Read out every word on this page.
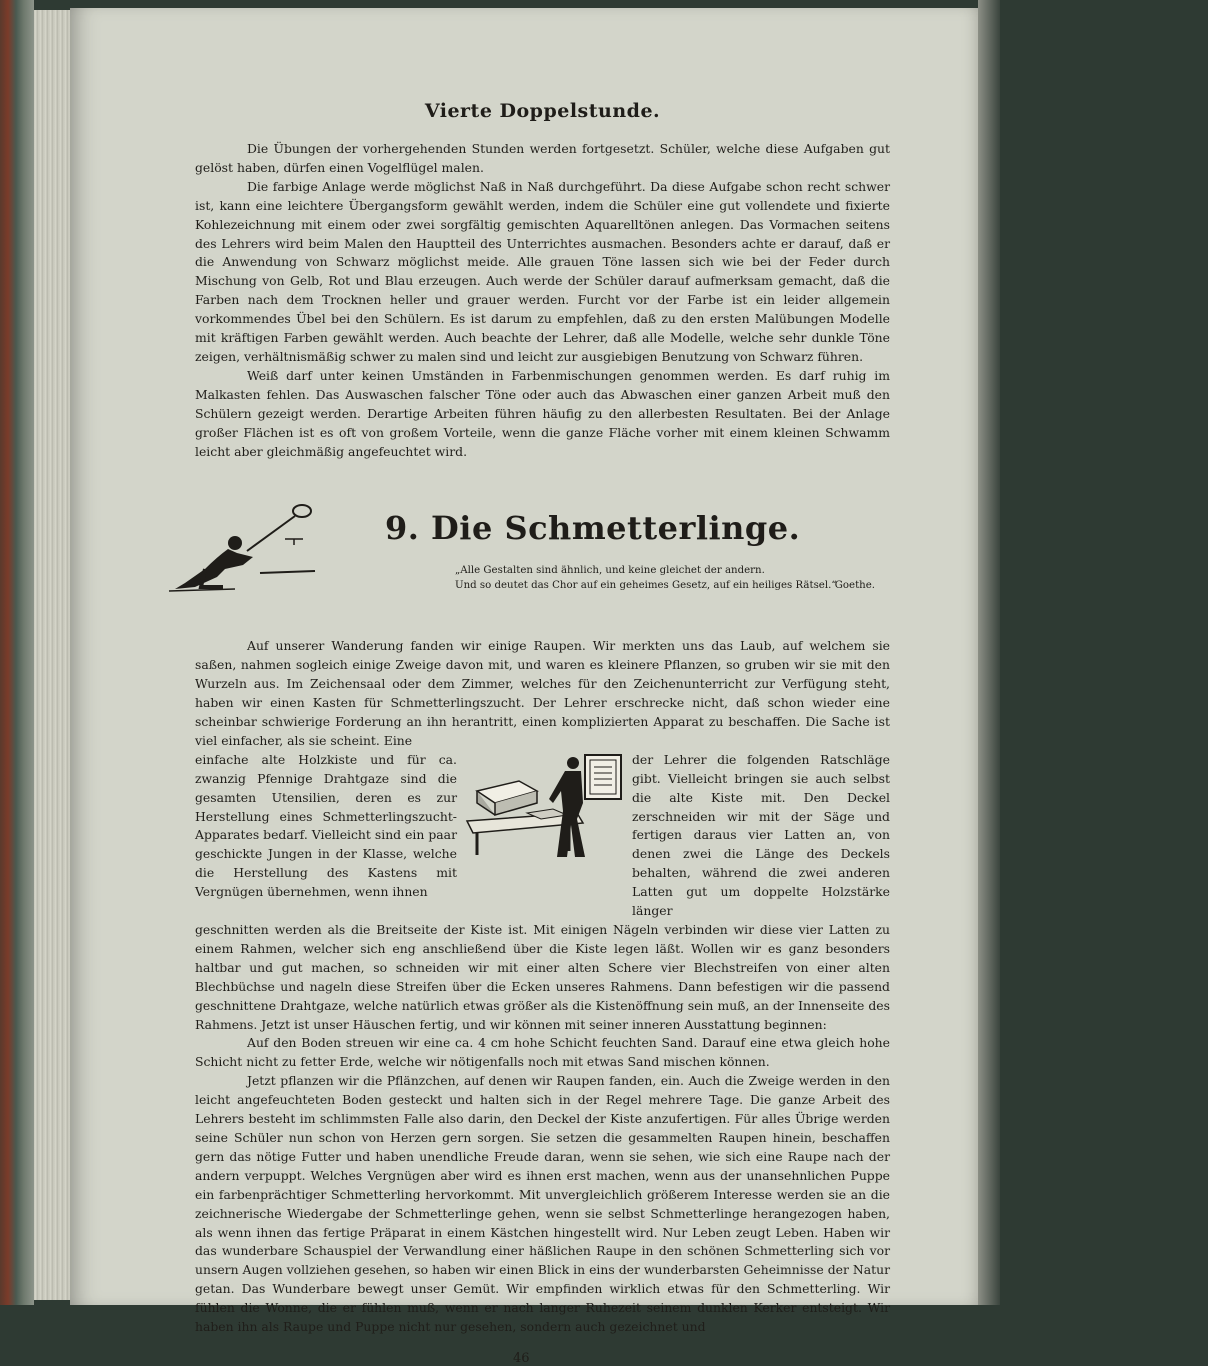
Vierte Doppelstunde.

Die Übungen der vorhergehenden Stunden werden fortgesetzt. Schüler, welche diese Aufgaben gut gelöst haben, dürfen einen Vogelflügel malen.

Die farbige Anlage werde möglichst Naß in Naß durchgeführt. Da diese Aufgabe schon recht schwer ist, kann eine leichtere Übergangsform gewählt werden, indem die Schüler eine gut vollendete und fixierte Kohlezeichnung mit einem oder zwei sorgfältig gemischten Aquarelltönen anlegen. Das Vormachen seitens des Lehrers wird beim Malen den Hauptteil des Unterrichtes ausmachen. Besonders achte er darauf, daß er die Anwendung von Schwarz möglichst meide. Alle grauen Töne lassen sich wie bei der Feder durch Mischung von Gelb, Rot und Blau erzeugen. Auch werde der Schüler darauf aufmerksam gemacht, daß die Farben nach dem Trocknen heller und grauer werden. Furcht vor der Farbe ist ein leider allgemein vorkommendes Übel bei den Schülern. Es ist darum zu empfehlen, daß zu den ersten Malübungen Modelle mit kräftigen Farben gewählt werden. Auch beachte der Lehrer, daß alle Modelle, welche sehr dunkle Töne zeigen, verhältnismäßig schwer zu malen sind und leicht zur ausgiebigen Benutzung von Schwarz führen.

Weiß darf unter keinen Umständen in Farbenmischungen genommen werden. Es darf ruhig im Malkasten fehlen. Das Auswaschen falscher Töne oder auch das Abwaschen einer ganzen Arbeit muß den Schülern gezeigt werden. Derartige Arbeiten führen häufig zu den allerbesten Resultaten. Bei der Anlage großer Flächen ist es oft von großem Vorteile, wenn die ganze Fläche vorher mit einem kleinen Schwamm leicht aber gleichmäßig angefeuchtet wird.

9. Die Schmetterlinge.
„Alle Gestalten sind ähnlich, und keine gleichet der andern.
Und so deutet das Chor auf ein geheimes Gesetz, auf ein heiliges Rätsel.“
Goethe.

Auf unserer Wanderung fanden wir einige Raupen. Wir merkten uns das Laub, auf welchem sie saßen, nahmen sogleich einige Zweige davon mit, und waren es kleinere Pflanzen, so gruben wir sie mit den Wurzeln aus. Im Zeichensaal oder dem Zimmer, welches für den Zeichenunterricht zur Verfügung steht, haben wir einen Kasten für Schmetterlingszucht. Der Lehrer erschrecke nicht, daß schon wieder eine scheinbar schwierige Forderung an ihn herantritt, einen komplizierten Apparat zu beschaffen. Die Sache ist viel einfacher, als sie scheint. Eine

einfache alte Holzkiste und für ca. zwanzig Pfennige Drahtgaze sind die gesamten Utensilien, deren es zur Herstellung eines Schmetterlingszucht-Apparates bedarf. Vielleicht sind ein paar geschickte Jungen in der Klasse, welche die Herstellung des Kastens mit Vergnügen übernehmen, wenn ihnen

der Lehrer die folgenden Ratschläge gibt. Vielleicht bringen sie auch selbst die alte Kiste mit. Den Deckel zerschneiden wir mit der Säge und fertigen daraus vier Latten an, von denen zwei die Länge des Deckels behalten, während die zwei anderen Latten gut um doppelte Holzstärke länger

geschnitten werden als die Breitseite der Kiste ist. Mit einigen Nägeln verbinden wir diese vier Latten zu einem Rahmen, welcher sich eng anschließend über die Kiste legen läßt. Wollen wir es ganz besonders haltbar und gut machen, so schneiden wir mit einer alten Schere vier Blechstreifen von einer alten Blechbüchse und nageln diese Streifen über die Ecken unseres Rahmens. Dann befestigen wir die passend geschnittene Drahtgaze, welche natürlich etwas größer als die Kistenöffnung sein muß, an der Innenseite des Rahmens. Jetzt ist unser Häuschen fertig, und wir können mit seiner inneren Ausstattung beginnen:

Auf den Boden streuen wir eine ca. 4 cm hohe Schicht feuchten Sand. Darauf eine etwa gleich hohe Schicht nicht zu fetter Erde, welche wir nötigenfalls noch mit etwas Sand mischen können.

Jetzt pflanzen wir die Pflänzchen, auf denen wir Raupen fanden, ein. Auch die Zweige werden in den leicht angefeuchteten Boden gesteckt und halten sich in der Regel mehrere Tage. Die ganze Arbeit des Lehrers besteht im schlimmsten Falle also darin, den Deckel der Kiste anzufertigen. Für alles Übrige werden seine Schüler nun schon von Herzen gern sorgen. Sie setzen die gesammelten Raupen hinein, beschaffen gern das nötige Futter und haben unendliche Freude daran, wenn sie sehen, wie sich eine Raupe nach der andern verpuppt. Welches Vergnügen aber wird es ihnen erst machen, wenn aus der unansehnlichen Puppe ein farbenprächtiger Schmetterling hervorkommt. Mit unvergleichlich größerem Interesse werden sie an die zeichnerische Wiedergabe der Schmetterlinge gehen, wenn sie selbst Schmetterlinge herangezogen haben, als wenn ihnen das fertige Präparat in einem Kästchen hingestellt wird. Nur Leben zeugt Leben. Haben wir das wunderbare Schauspiel der Verwandlung einer häßlichen Raupe in den schönen Schmetterling sich vor unsern Augen vollziehen gesehen, so haben wir einen Blick in eins der wunderbarsten Geheimnisse der Natur getan. Das Wunderbare bewegt unser Gemüt. Wir empfinden wirklich etwas für den Schmetterling. Wir fühlen die Wonne, die er fühlen muß, wenn er nach langer Ruhezeit seinem dunklen Kerker entsteigt. Wir haben ihn als Raupe und Puppe nicht nur gesehen, sondern auch gezeichnet und

46
